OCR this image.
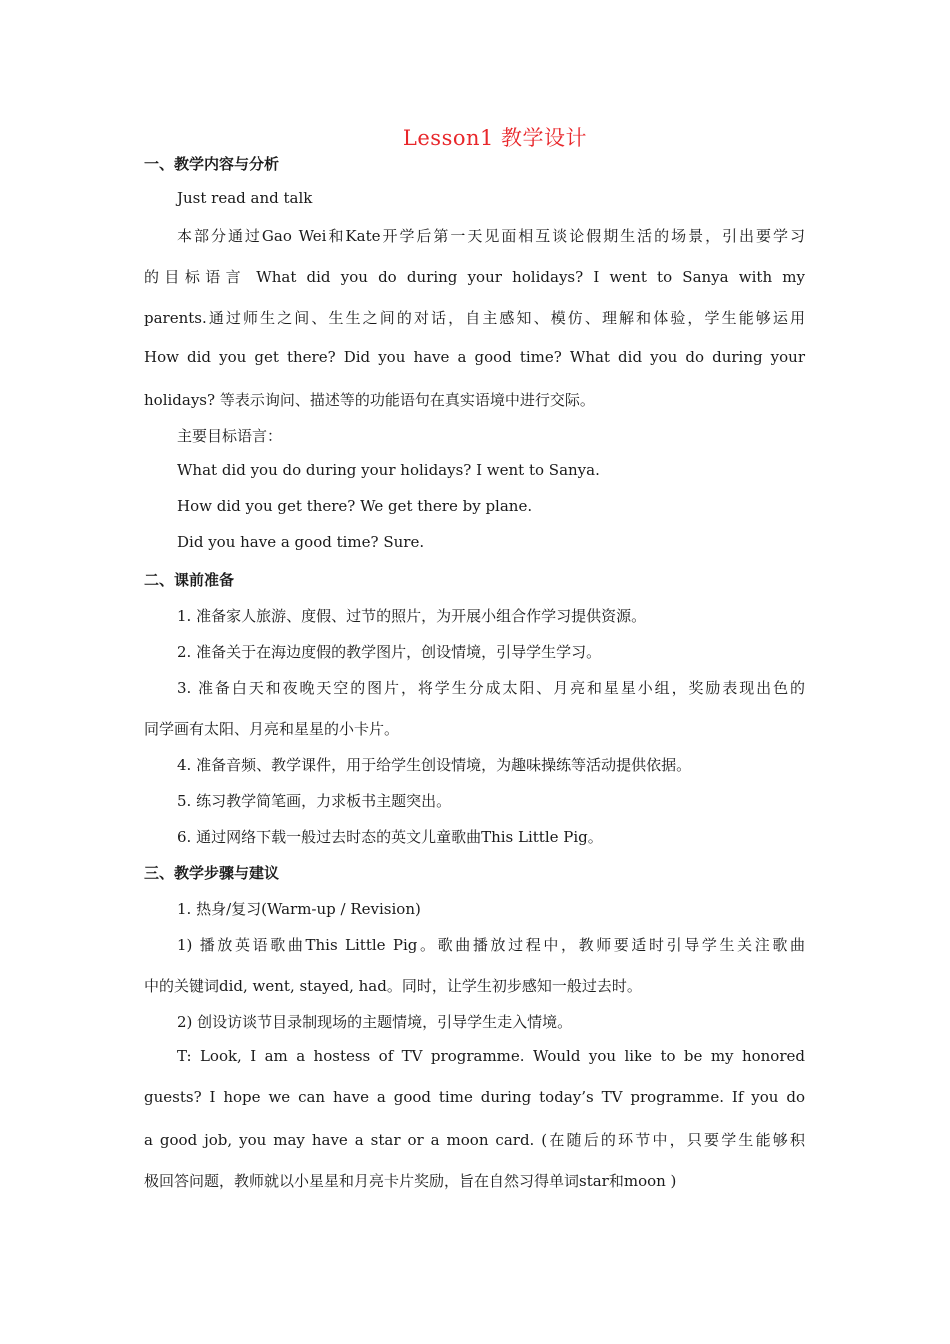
Lesson1 教学设计
一、教学内容与分析
Just read and talk
本部分通过Gao Wei和Kate开学后第一天见面相互谈论假期生活的场景，引出要学习
的目标语言 What did you do during your holidays? I went to Sanya with my
parents.通过师生之间、生生之间的对话，自主感知、模仿、理解和体验，学生能够运用
How did you get there? Did you have a good time? What did you do during your
holidays? 等表示询问、描述等的功能语句在真实语境中进行交际。
主要目标语言：
What did you do during your holidays? I went to Sanya.
How did you get there? We get there by plane.
Did you have a good time? Sure.
二、课前准备
1. 准备家人旅游、度假、过节的照片，为开展小组合作学习提供资源。
2. 准备关于在海边度假的教学图片，创设情境，引导学生学习。
3. 准备白天和夜晚天空的图片，将学生分成太阳、月亮和星星小组，奖励表现出色的
同学画有太阳、月亮和星星的小卡片。
4. 准备音频、教学课件，用于给学生创设情境，为趣味操练等活动提供依据。
5. 练习教学简笔画，力求板书主题突出。
6. 通过网络下载一般过去时态的英文儿童歌曲This Little Pig。
三、教学步骤与建议
1. 热身/复习(Warm-up / Revision)
1) 播放英语歌曲This Little Pig。歌曲播放过程中，教师要适时引导学生关注歌曲
中的关键词did, went, stayed, had。同时，让学生初步感知一般过去时。
2) 创设访谈节目录制现场的主题情境，引导学生走入情境。
T: Look, I am a hostess of TV programme. Would you like to be my honored
guests? I hope we can have a good time during today’s TV programme. If you do
a good job, you may have a star or a moon card. (在随后的环节中，只要学生能够积
极回答问题，教师就以小星星和月亮卡片奖励，旨在自然习得单词star和moon )
